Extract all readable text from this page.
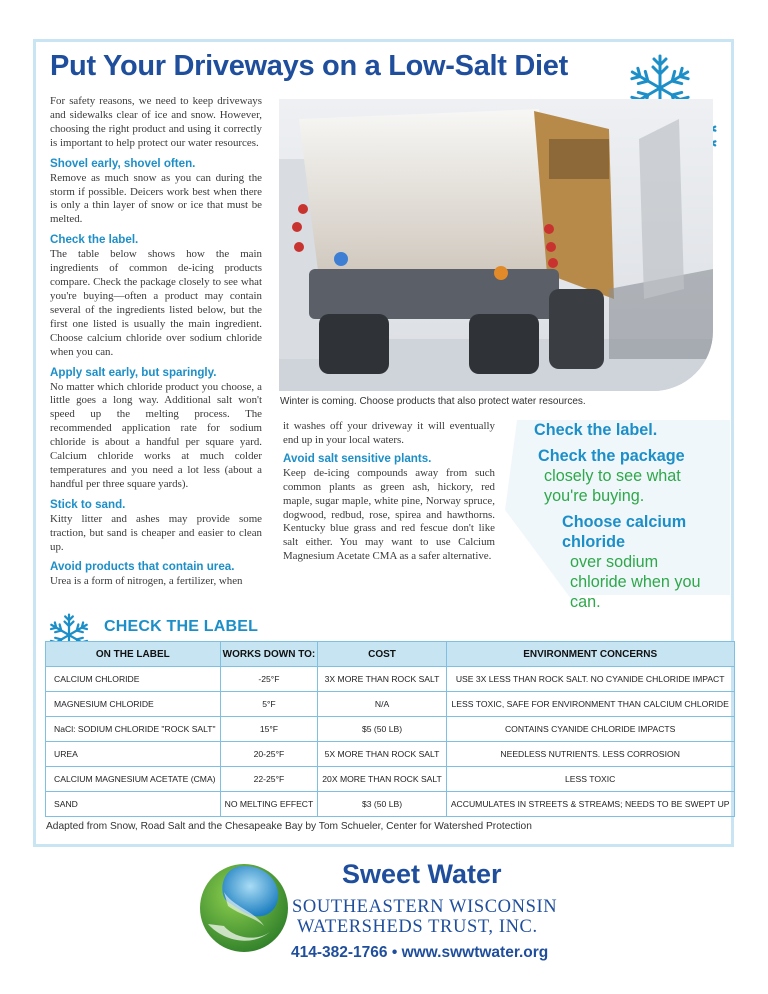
Put Your Driveways on a Low-Salt Diet

For safety reasons, we need to keep driveways and sidewalks clear of ice and snow. However, choosing the right product and using it correctly is important to help protect our water resources.

Shovel early, shovel often.

Remove as much snow as you can during the storm if possible. Deicers work best when there is only a thin layer of snow or ice that must be melted.

Check the label.

The table below shows how the main ingredients of common de-icing products compare. Check the package closely to see what you're buying—often a product may contain several of the ingredients listed below, but the first one listed is usually the main ingredient. Choose calcium chloride over sodium chloride when you can.

Apply salt early, but sparingly.

No matter which chloride product you choose, a little goes a long way. Additional salt won't speed up the melting process. The recommended application rate for sodium chloride is about a handful per square yard. Calcium chloride works at much colder temperatures and you need a lot less (about a handful per three square yards).

Stick to sand.

Kitty litter and ashes may provide some traction, but sand is cheaper and easier to clean up.

Avoid products that contain urea.

Urea is a form of nitrogen, a fertilizer, when

Winter is coming. Choose products that also protect water resources.

it washes off your driveway it will eventually end up in your local waters.

Avoid salt sensitive plants.

Keep de-icing compounds away from such common plants as green ash, hickory, red maple, sugar maple, white pine, Norway spruce, dogwood, redbud, rose, spirea and hawthorns. Kentucky blue grass and red fescue don't like salt either. You may want to use Calcium Magnesium Acetate CMA as a safer alternative.

Check the label.
Check the package
closely to see what you're buying.
Choose calcium chloride
over sodium chloride when you can.
CHECK THE LABEL
ON THE LABEL	WORKS DOWN TO:	COST	ENVIRONMENT CONCERNS
CALCIUM CHLORIDE	-25°F	3X MORE THAN ROCK SALT	USE 3X LESS THAN ROCK SALT. NO CYANIDE CHLORIDE IMPACT
MAGNESIUM CHLORIDE	5°F	N/A	LESS TOXIC, SAFE FOR ENVIRONMENT THAN CALCIUM CHLORIDE
NaCl: SODIUM CHLORIDE "ROCK SALT"	15°F	$5 (50 LB)	CONTAINS CYANIDE CHLORIDE IMPACTS
UREA	20-25°F	5X MORE THAN ROCK SALT	NEEDLESS NUTRIENTS. LESS CORROSION
CALCIUM MAGNESIUM ACETATE (CMA)	22-25°F	20X MORE THAN ROCK SALT	LESS TOXIC
SAND	NO MELTING EFFECT	$3 (50 LB)	ACCUMULATES IN STREETS & STREAMS; NEEDS TO BE SWEPT UP
Adapted from Snow, Road Salt and the Chesapeake Bay by Tom Schueler, Center for Watershed Protection
Sweet Water
SOUTHEASTERN WISCONSIN
WATERSHEDS TRUST, INC.
414-382-1766 • www.swwtwater.org
